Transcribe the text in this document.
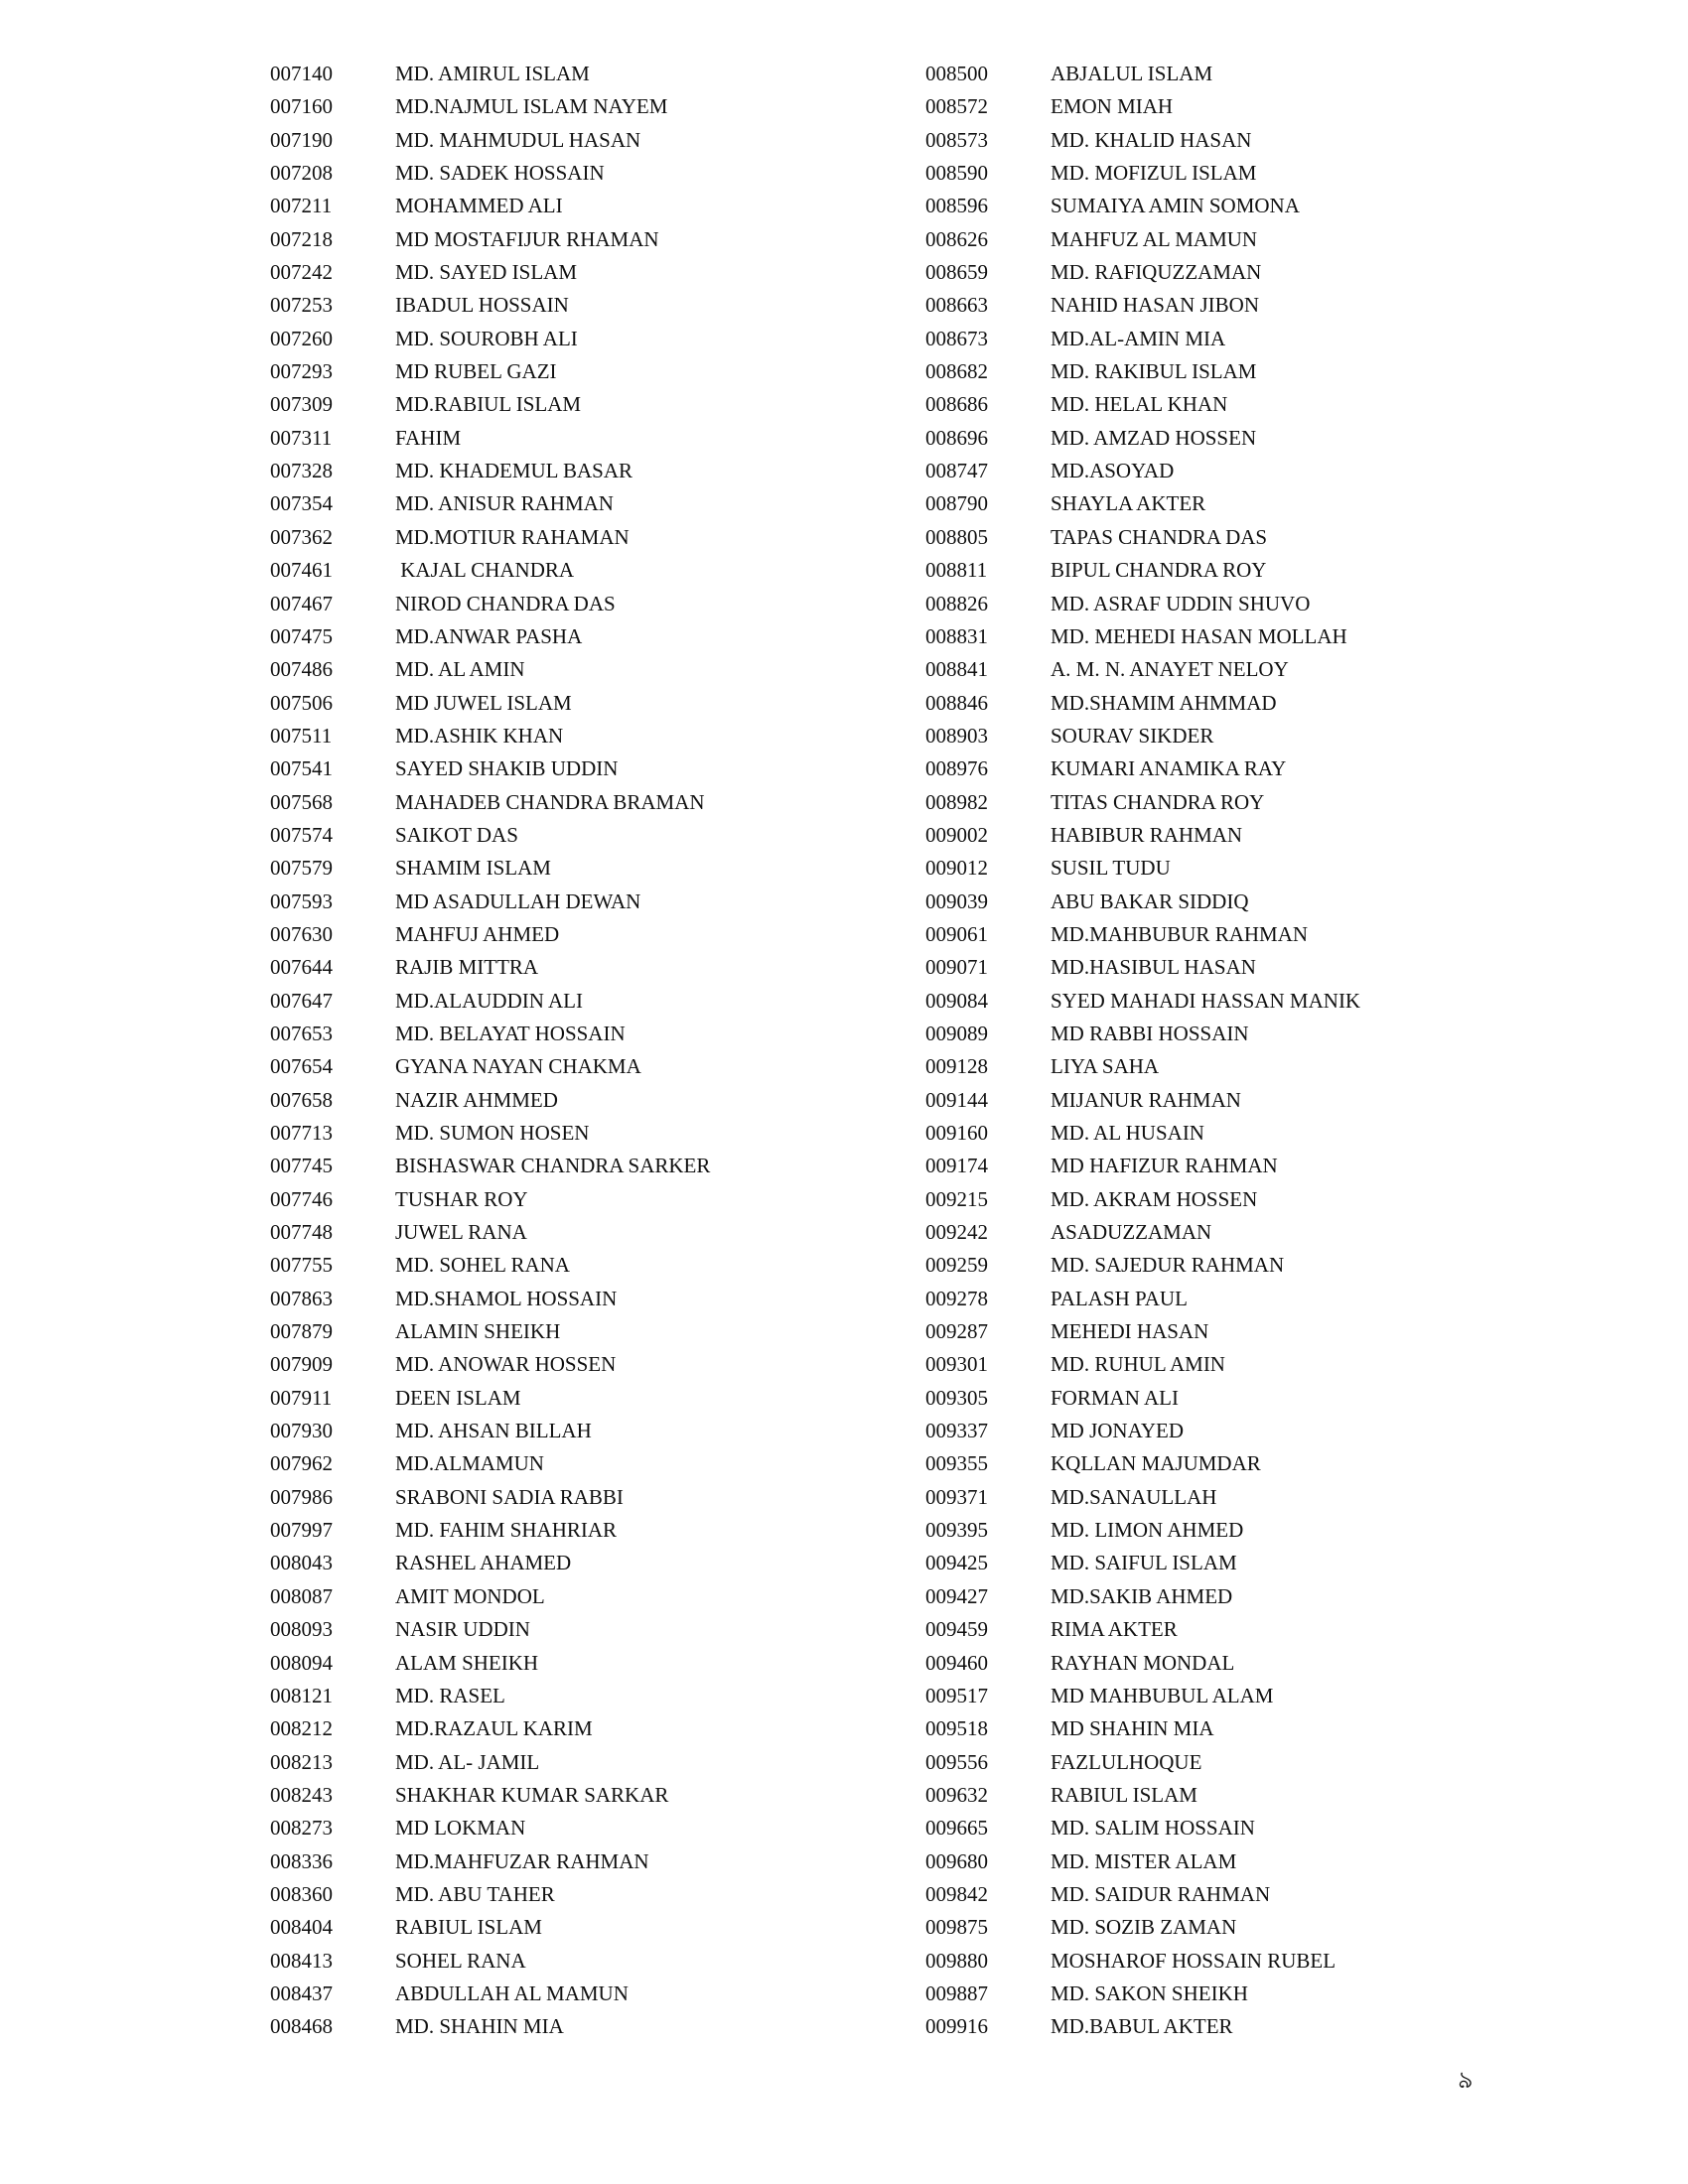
007140	MD. AMIRUL ISLAM
007160	MD.NAJMUL ISLAM NAYEM
007190	MD. MAHMUDUL HASAN
007208	MD. SADEK HOSSAIN
007211	MOHAMMED ALI
007218	MD MOSTAFIJUR RHAMAN
007242	MD. SAYED ISLAM
007253	IBADUL HOSSAIN
007260	MD. SOUROBH ALI
007293	MD RUBEL GAZI
007309	MD.RABIUL ISLAM
007311	FAHIM
007328	MD. KHADEMUL BASAR
007354	MD. ANISUR RAHMAN
007362	MD.MOTIUR RAHAMAN
007461	KAJAL CHANDRA
007467	NIROD CHANDRA DAS
007475	MD.ANWAR PASHA
007486	MD. AL AMIN
007506	MD JUWEL ISLAM
007511	MD.ASHIK KHAN
007541	SAYED SHAKIB UDDIN
007568	MAHADEB CHANDRA BRAMAN
007574	SAIKOT DAS
007579	SHAMIM ISLAM
007593	MD ASADULLAH DEWAN
007630	MAHFUJ AHMED
007644	RAJIB MITTRA
007647	MD.ALAUDDIN ALI
007653	MD. BELAYAT HOSSAIN
007654	GYANA NAYAN CHAKMA
007658	NAZIR AHMMED
007713	MD. SUMON HOSEN
007745	BISHASWAR CHANDRA SARKER
007746	TUSHAR ROY
007748	JUWEL RANA
007755	MD. SOHEL RANA
007863	MD.SHAMOL HOSSAIN
007879	ALAMIN SHEIKH
007909	MD. ANOWAR HOSSEN
007911	DEEN ISLAM
007930	MD. AHSAN BILLAH
007962	MD.ALMAMUN
007986	SRABONI SADIA RABBI
007997	MD. FAHIM SHAHRIAR
008043	RASHEL AHAMED
008087	AMIT MONDOL
008093	NASIR UDDIN
008094	ALAM SHEIKH
008121	MD. RASEL
008212	MD.RAZAUL KARIM
008213	MD. AL- JAMIL
008243	SHAKHAR KUMAR SARKAR
008273	MD LOKMAN
008336	MD.MAHFUZAR RAHMAN
008360	MD. ABU TAHER
008404	RABIUL ISLAM
008413	SOHEL RANA
008437	ABDULLAH AL MAMUN
008468	MD. SHAHIN MIA
008500	ABJALUL ISLAM
008572	EMON MIAH
008573	MD. KHALID HASAN
008590	MD. MOFIZUL ISLAM
008596	SUMAIYA AMIN SOMONA
008626	MAHFUZ AL MAMUN
008659	MD. RAFIQUZZAMAN
008663	NAHID HASAN JIBON
008673	MD.AL-AMIN MIA
008682	MD. RAKIBUL ISLAM
008686	MD. HELAL KHAN
008696	MD. AMZAD HOSSEN
008747	MD.ASOYAD
008790	SHAYLA AKTER
008805	TAPAS CHANDRA DAS
008811	BIPUL CHANDRA ROY
008826	MD. ASRAF UDDIN SHUVO
008831	MD. MEHEDI HASAN MOLLAH
008841	A. M. N. ANAYET NELOY
008846	MD.SHAMIM AHMMAD
008903	SOURAV SIKDER
008976	KUMARI ANAMIKA RAY
008982	TITAS CHANDRA ROY
009002	HABIBUR RAHMAN
009012	SUSIL TUDU
009039	ABU BAKAR SIDDIQ
009061	MD.MAHBUBUR RAHMAN
009071	MD.HASIBUL HASAN
009084	SYED MAHADI HASSAN MANIK
009089	MD RABBI HOSSAIN
009128	LIYA SAHA
009144	MIJANUR RAHMAN
009160	MD. AL HUSAIN
009174	MD HAFIZUR RAHMAN
009215	MD. AKRAM HOSSEN
009242	ASADUZZAMAN
009259	MD. SAJEDUR RAHMAN
009278	PALASH PAUL
009287	MEHEDI HASAN
009301	MD. RUHUL AMIN
009305	FORMAN ALI
009337	MD JONAYED
009355	KQLLAN MAJUMDAR
009371	MD.SANAULLAH
009395	MD. LIMON AHMED
009425	MD. SAIFUL ISLAM
009427	MD.SAKIB AHMED
009459	RIMA AKTER
009460	RAYHAN MONDAL
009517	MD MAHBUBUL ALAM
009518	MD SHAHIN MIA
009556	FAZLULHOQUE
009632	RABIUL ISLAM
009665	MD. SALIM HOSSAIN
009680	MD. MISTER ALAM
009842	MD. SAIDUR RAHMAN
009875	MD. SOZIB ZAMAN
009880	MOSHAROF HOSSAIN RUBEL
009887	MD. SAKON SHEIKH
009916	MD.BABUL AKTER
৯
